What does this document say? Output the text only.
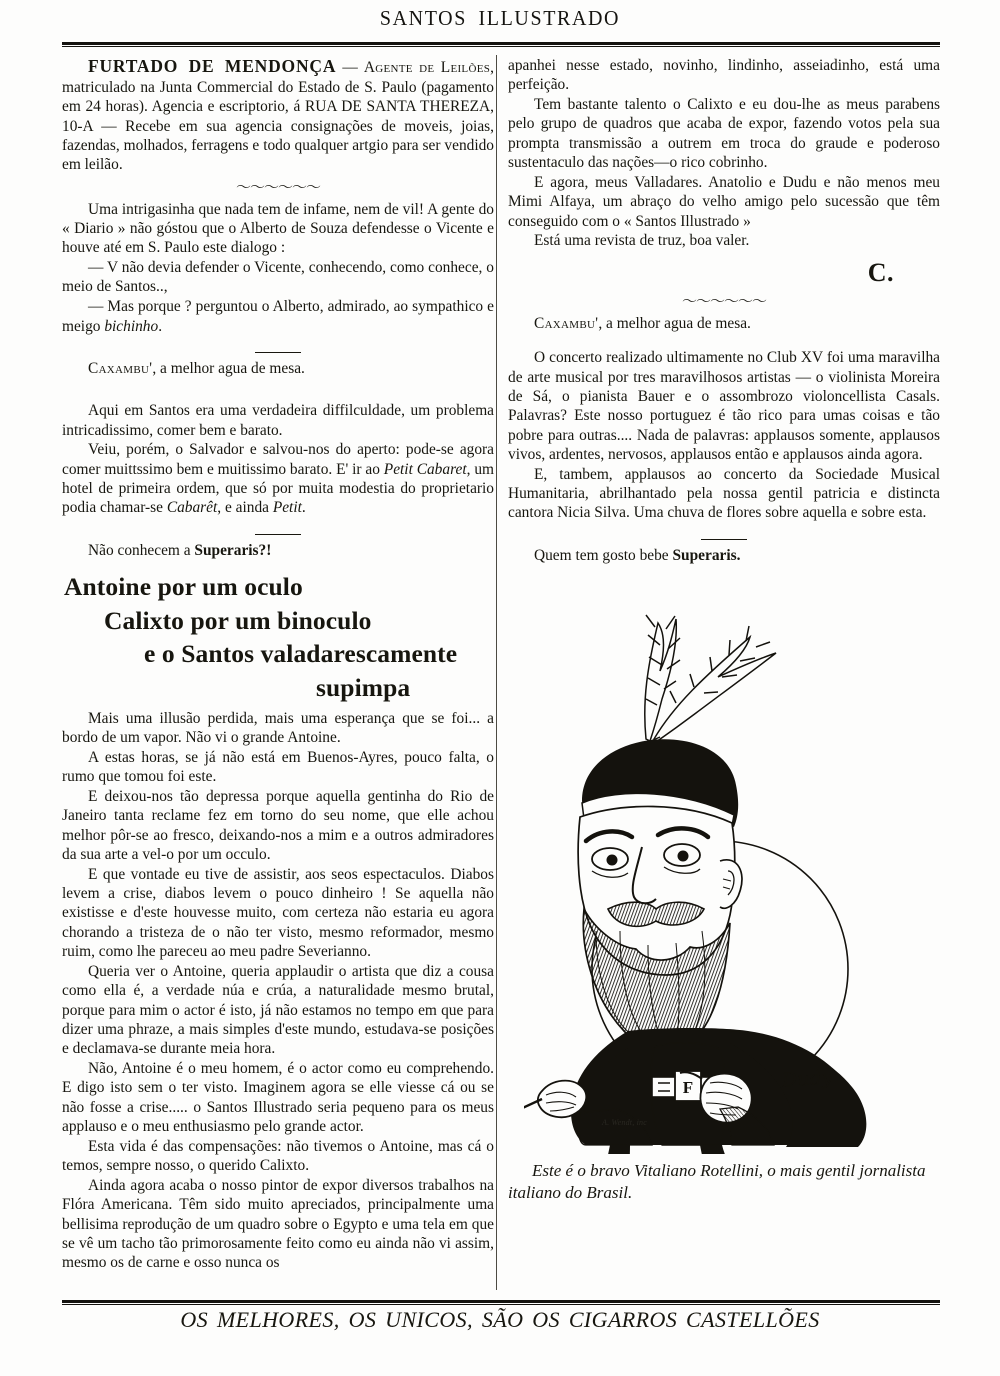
SANTOS ILLUSTRADO

FURTADO DE MENDONÇA — Agente de Leilões, matriculado na Junta Commercial do Estado de S. Paulo (pagamento em 24 horas). Agencia e escriptorio, á RUA DE SANTA THEREZA, 10-A — Recebe em sua agencia consignações de moveis, joias, fazendas, molhados, ferragens e todo qualquer artgio para ser vendido em leilão.

〜〜〜〜〜〜

Uma intrigasinha que nada tem de infame, nem de vil! A gente do « Diario » não góstou que o Alberto de Souza defendesse o Vicente e houve até em S. Paulo este dialogo :

— V não devia defender o Vicente, conhecendo, como conhece, o meio de Santos..,

— Mas porque ? perguntou o Alberto, admirado, ao sympathico e meigo bichinho.

Caxambu', a melhor agua de mesa.

Aqui em Santos era uma verdadeira diffilculdade, um problema intricadissimo, comer bem e barato.

Veiu, porém, o Salvador e salvou-nos do aperto: pode-se agora comer muittssimo bem e muitissimo barato. E' ir ao Petit Cabaret, um hotel de primeira ordem, que só por muita modestia do proprietario podia chamar-se Cabarêt, e ainda Petit.

Não conhecem a Superaris?!

Antoine por um oculo
Calixto por um binoculo
e o Santos valadarescamente
supimpa

Mais uma illusão perdida, mais uma esperança que se foi... a bordo de um vapor. Não vi o grande Antoine.

A estas horas, se já não está em Buenos-Ayres, pouco falta, o rumo que tomou foi este.

E deixou-nos tão depressa porque aquella gentinha do Rio de Janeiro tanta reclame fez em torno do seu nome, que elle achou melhor pôr-se ao fresco, deixando-nos a mim e a outros admiradores da sua arte a vel-o por um occulo.

E que vontade eu tive de assistir, aos seos espectaculos. Diabos levem a crise, diabos levem o pouco dinheiro ! Se aquella não existisse e d'este houvesse muito, com certeza não estaria eu agora chorando a tristeza de o não ter visto, mesmo reformador, mesmo ruim, como lhe pareceu ao meu padre Severianno.

Queria ver o Antoine, queria applaudir o artista que diz a cousa como ella é, a verdade núa e crúa, a naturalidade mesmo brutal, porque para mim o actor é isto, já não estamos no tempo em que para dizer uma phraze, a mais simples d'este mundo, estudava-se posições e declamava-se durante meia hora.

Não, Antoine é o meu homem, é o actor como eu comprehendo. E digo isto sem o ter visto. Imaginem agora se elle viesse cá ou se não fosse a crise..... o Santos Illustrado seria pequeno para os meus applauso e o meu enthusiasmo pelo grande actor.

Esta vida é das compensações: não tivemos o Antoine, mas cá o temos, sempre nosso, o querido Calixto.

Ainda agora acaba o nosso pintor de expor diversos trabalhos na Flóra Americana. Têm sido muito apreciados, principalmente uma bellisima reprodução de um quadro sobre o Egypto e uma tela em que se vê um tacho tão primorosamente feito como eu ainda não vi assim, mesmo os de carne e osso nunca os

apanhei nesse estado, novinho, lindinho, asseiadinho, está uma perfeição.

Tem bastante talento o Calixto e eu dou-lhe as meus parabens pelo grupo de quadros que acaba de expor, fazendo votos pela sua prompta transmissão a outrem em troca do graude e poderoso sustentaculo das nações—o rico cobrinho.

E agora, meus Valladares. Anatolio e Dudu e não menos meu Mimi Alfaya, um abraço do velho amigo pelo sucessão que têm conseguido com o « Santos Illustrado »

Está uma revista de truz, boa valer.

C.
〜〜〜〜〜〜

Caxambu', a melhor agua de mesa.

O concerto realizado ultimamente no Club XV foi uma maravilha de arte musical por tres maravilhosos artistas — o violinista Moreira de Sá, o pianista Bauer e o assombrozo violoncellista Casals. Palavras? Este nosso portuguez é tão rico para umas coisas e tão pobre para outras.... Nada de palavras: applausos somente, applausos vivos, ardentes, nervosos, applausos então e applausos ainda agora.

E, tambem, applausos ao concerto da Sociedade Musical Humanitaria, abrilhantado pela nossa gentil patricia e distincta cantora Nicia Silva. Uma chuva de flores sobre aquella e sobre esta.

Quem tem gosto bebe Superaris.

F
A. Wendt, inc
Dudy
Este é o bravo Vitaliano Rotellini, o mais gentil jornalista italiano do Brasil.
OS MELHORES, OS UNICOS, SÃO OS CIGARROS CASTELLÕES
